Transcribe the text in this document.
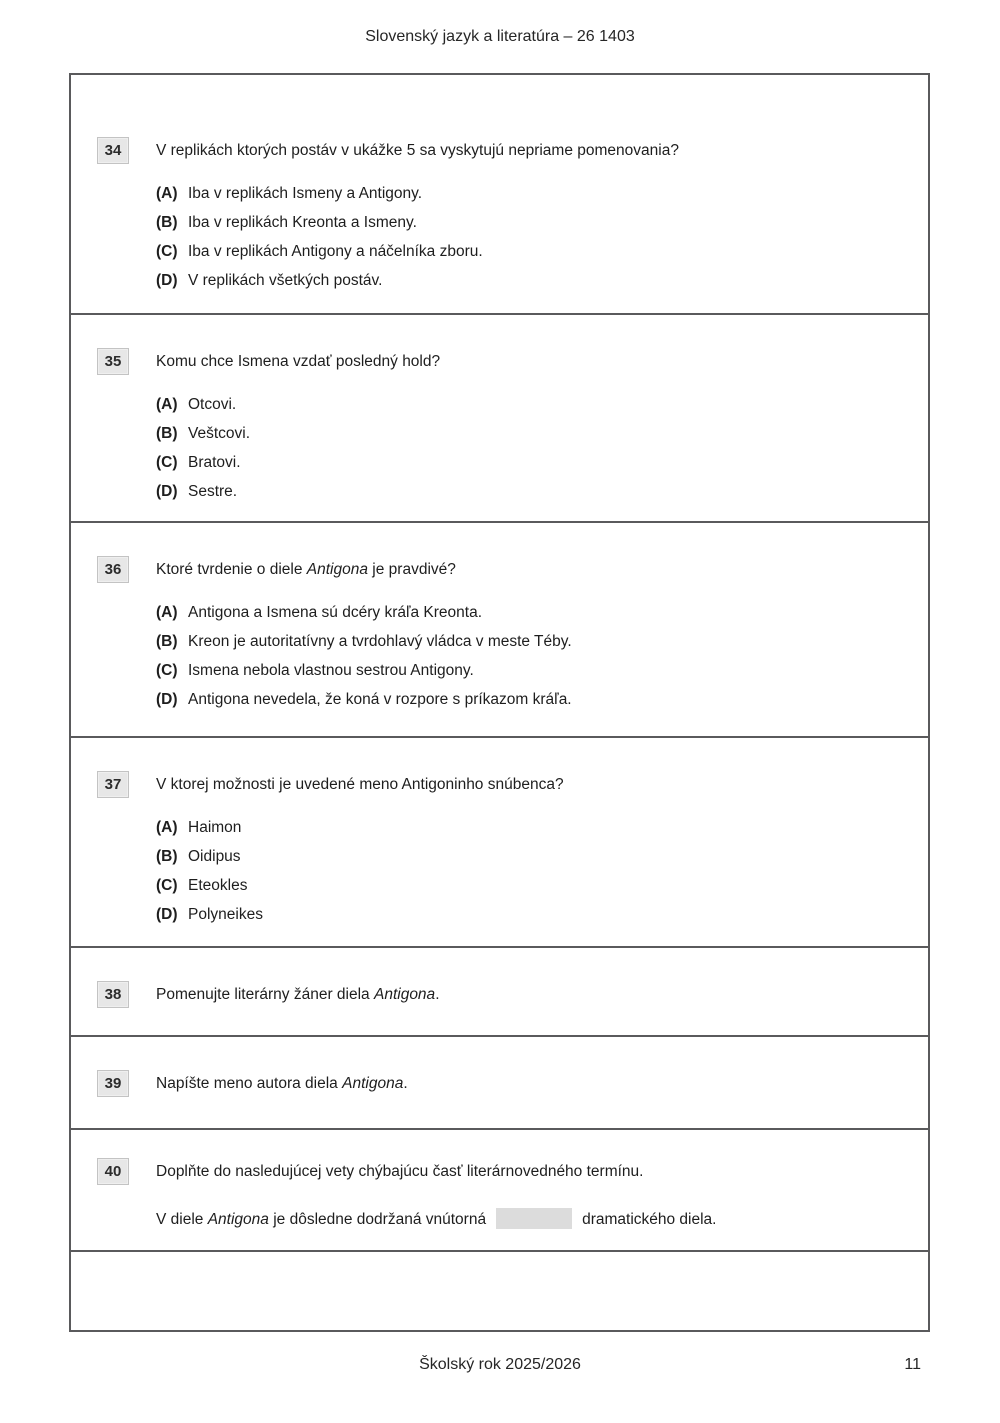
Slovenský jazyk a literatúra – 26 1403
34	V replikách ktorých postáv v ukážke 5 sa vyskytujú nepriame pomenovania?
(A) Iba v replikách Ismeny a Antigony.
(B) Iba v replikách Kreonta a Ismeny.
(C) Iba v replikách Antigony a náčelníka zboru.
(D) V replikách všetkých postáv.
35	Komu chce Ismena vzdať posledný hold?
(A) Otcovi.
(B) Veštcovi.
(C) Bratovi.
(D) Sestre.
36	Ktoré tvrdenie o diele Antigona je pravdivé?
(A) Antigona a Ismena sú dcéry kráľa Kreonta.
(B) Kreon je autoritatívny a tvrdohlavý vládca v meste Téby.
(C) Ismena nebola vlastnou sestrou Antigony.
(D) Antigona nevedela, že koná v rozpore s príkazom kráľa.
37	V ktorej možnosti je uvedené meno Antigoninho snúbenca?
(A) Haimon
(B) Oidipus
(C) Eteokles
(D) Polyneikes
38	Pomenujte literárny žáner diela Antigona.
39	Napíšte meno autora diela Antigona.
40	Doplňte do nasledujúcej vety chýbajúcu časť literárnovedného termínu.
V diele Antigona je dôsledne dodržaná vnútorná	dramatického diela.
Školský rok 2025/2026	11
